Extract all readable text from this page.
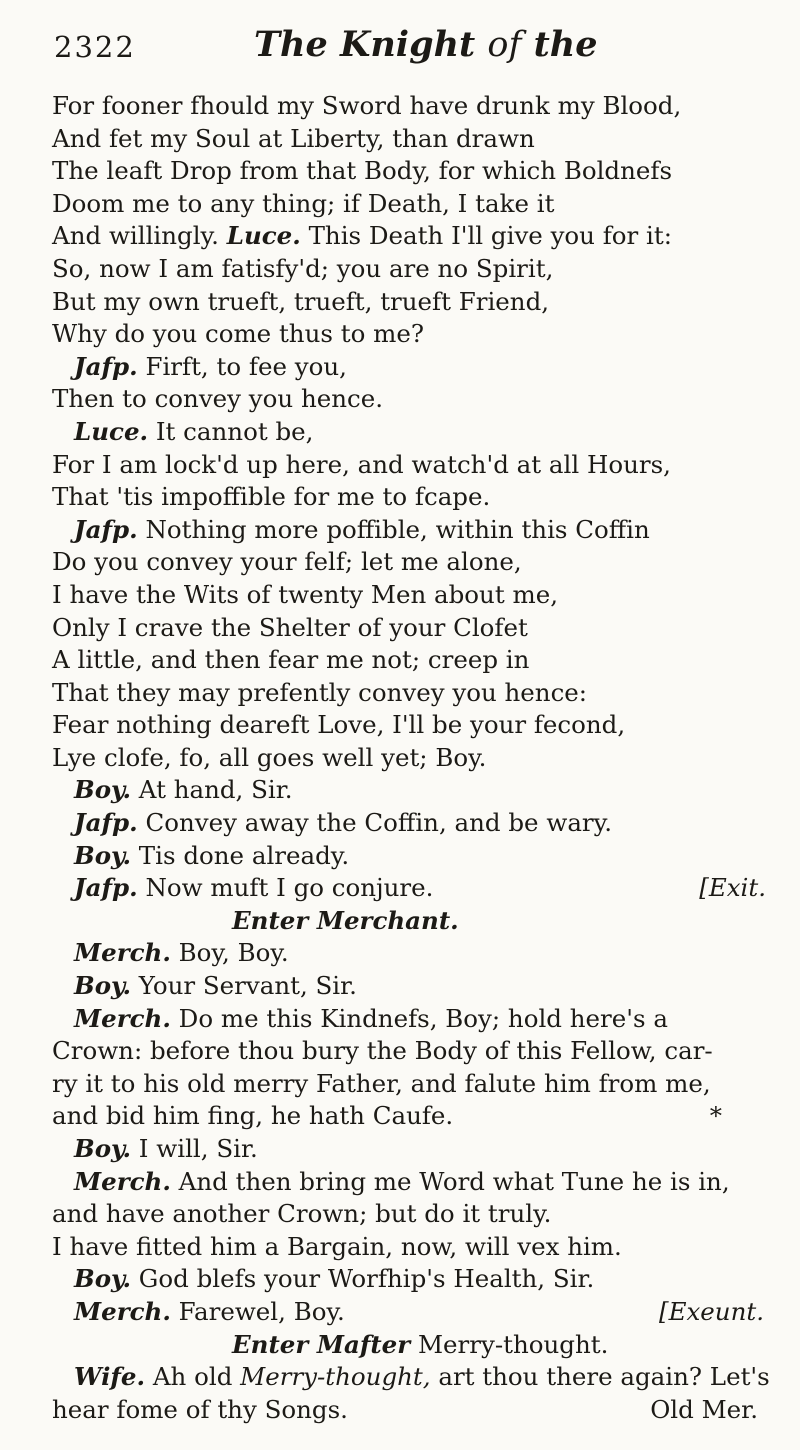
2322	The Knight of the
For fooner fhould my Sword have drunk my Blood,
And fet my Soul at Liberty, than drawn
The leaft Drop from that Body, for which Boldnefs
Doom me to any thing; if Death, I take it
And willingly. Luce. This Death I'll give you for it:
So, now I am fatisfy'd; you are no Spirit,
But my own trueft, trueft, trueft Friend,
Why do you come thus to me?
Jafp. Firft, to fee you,
Then to convey you hence.
Luce. It cannot be,
For I am lock'd up here, and watch'd at all Hours,
That 'tis impoffible for me to fcape.
Jafp. Nothing more poffible, within this Coffin
Do you convey your felf; let me alone,
I have the Wits of twenty Men about me,
Only I crave the Shelter of your Clofet
A little, and then fear me not; creep in
That they may prefently convey you hence:
Fear nothing deareft Love, I'll be your fecond,
Lye clofe, fo, all goes well yet; Boy.
Boy. At hand, Sir.
Jafp. Convey away the Coffin, and be wary.
Boy. Tis done already.
Jafp. Now muft I go conjure.	[Exit.
Enter Merchant.
Merch. Boy, Boy.
Boy. Your Servant, Sir.
Merch. Do me this Kindnefs, Boy; hold here's a
Crown: before thou bury the Body of this Fellow, car-
ry it to his old merry Father, and falute him from me,
and bid him fing, he hath Caufe.	*
Boy. I will, Sir.
Merch. And then bring me Word what Tune he is in,
and have another Crown; but do it truly.
I have fitted him a Bargain, now, will vex him.
Boy. God blefs your Worfhip's Health, Sir.
Merch. Farewel, Boy.	[Exeunt.
Enter Mafter Merry-thought.
Wife. Ah old Merry-thought, art thou there again? Let's
hear fome of thy Songs.	Old Mer.
